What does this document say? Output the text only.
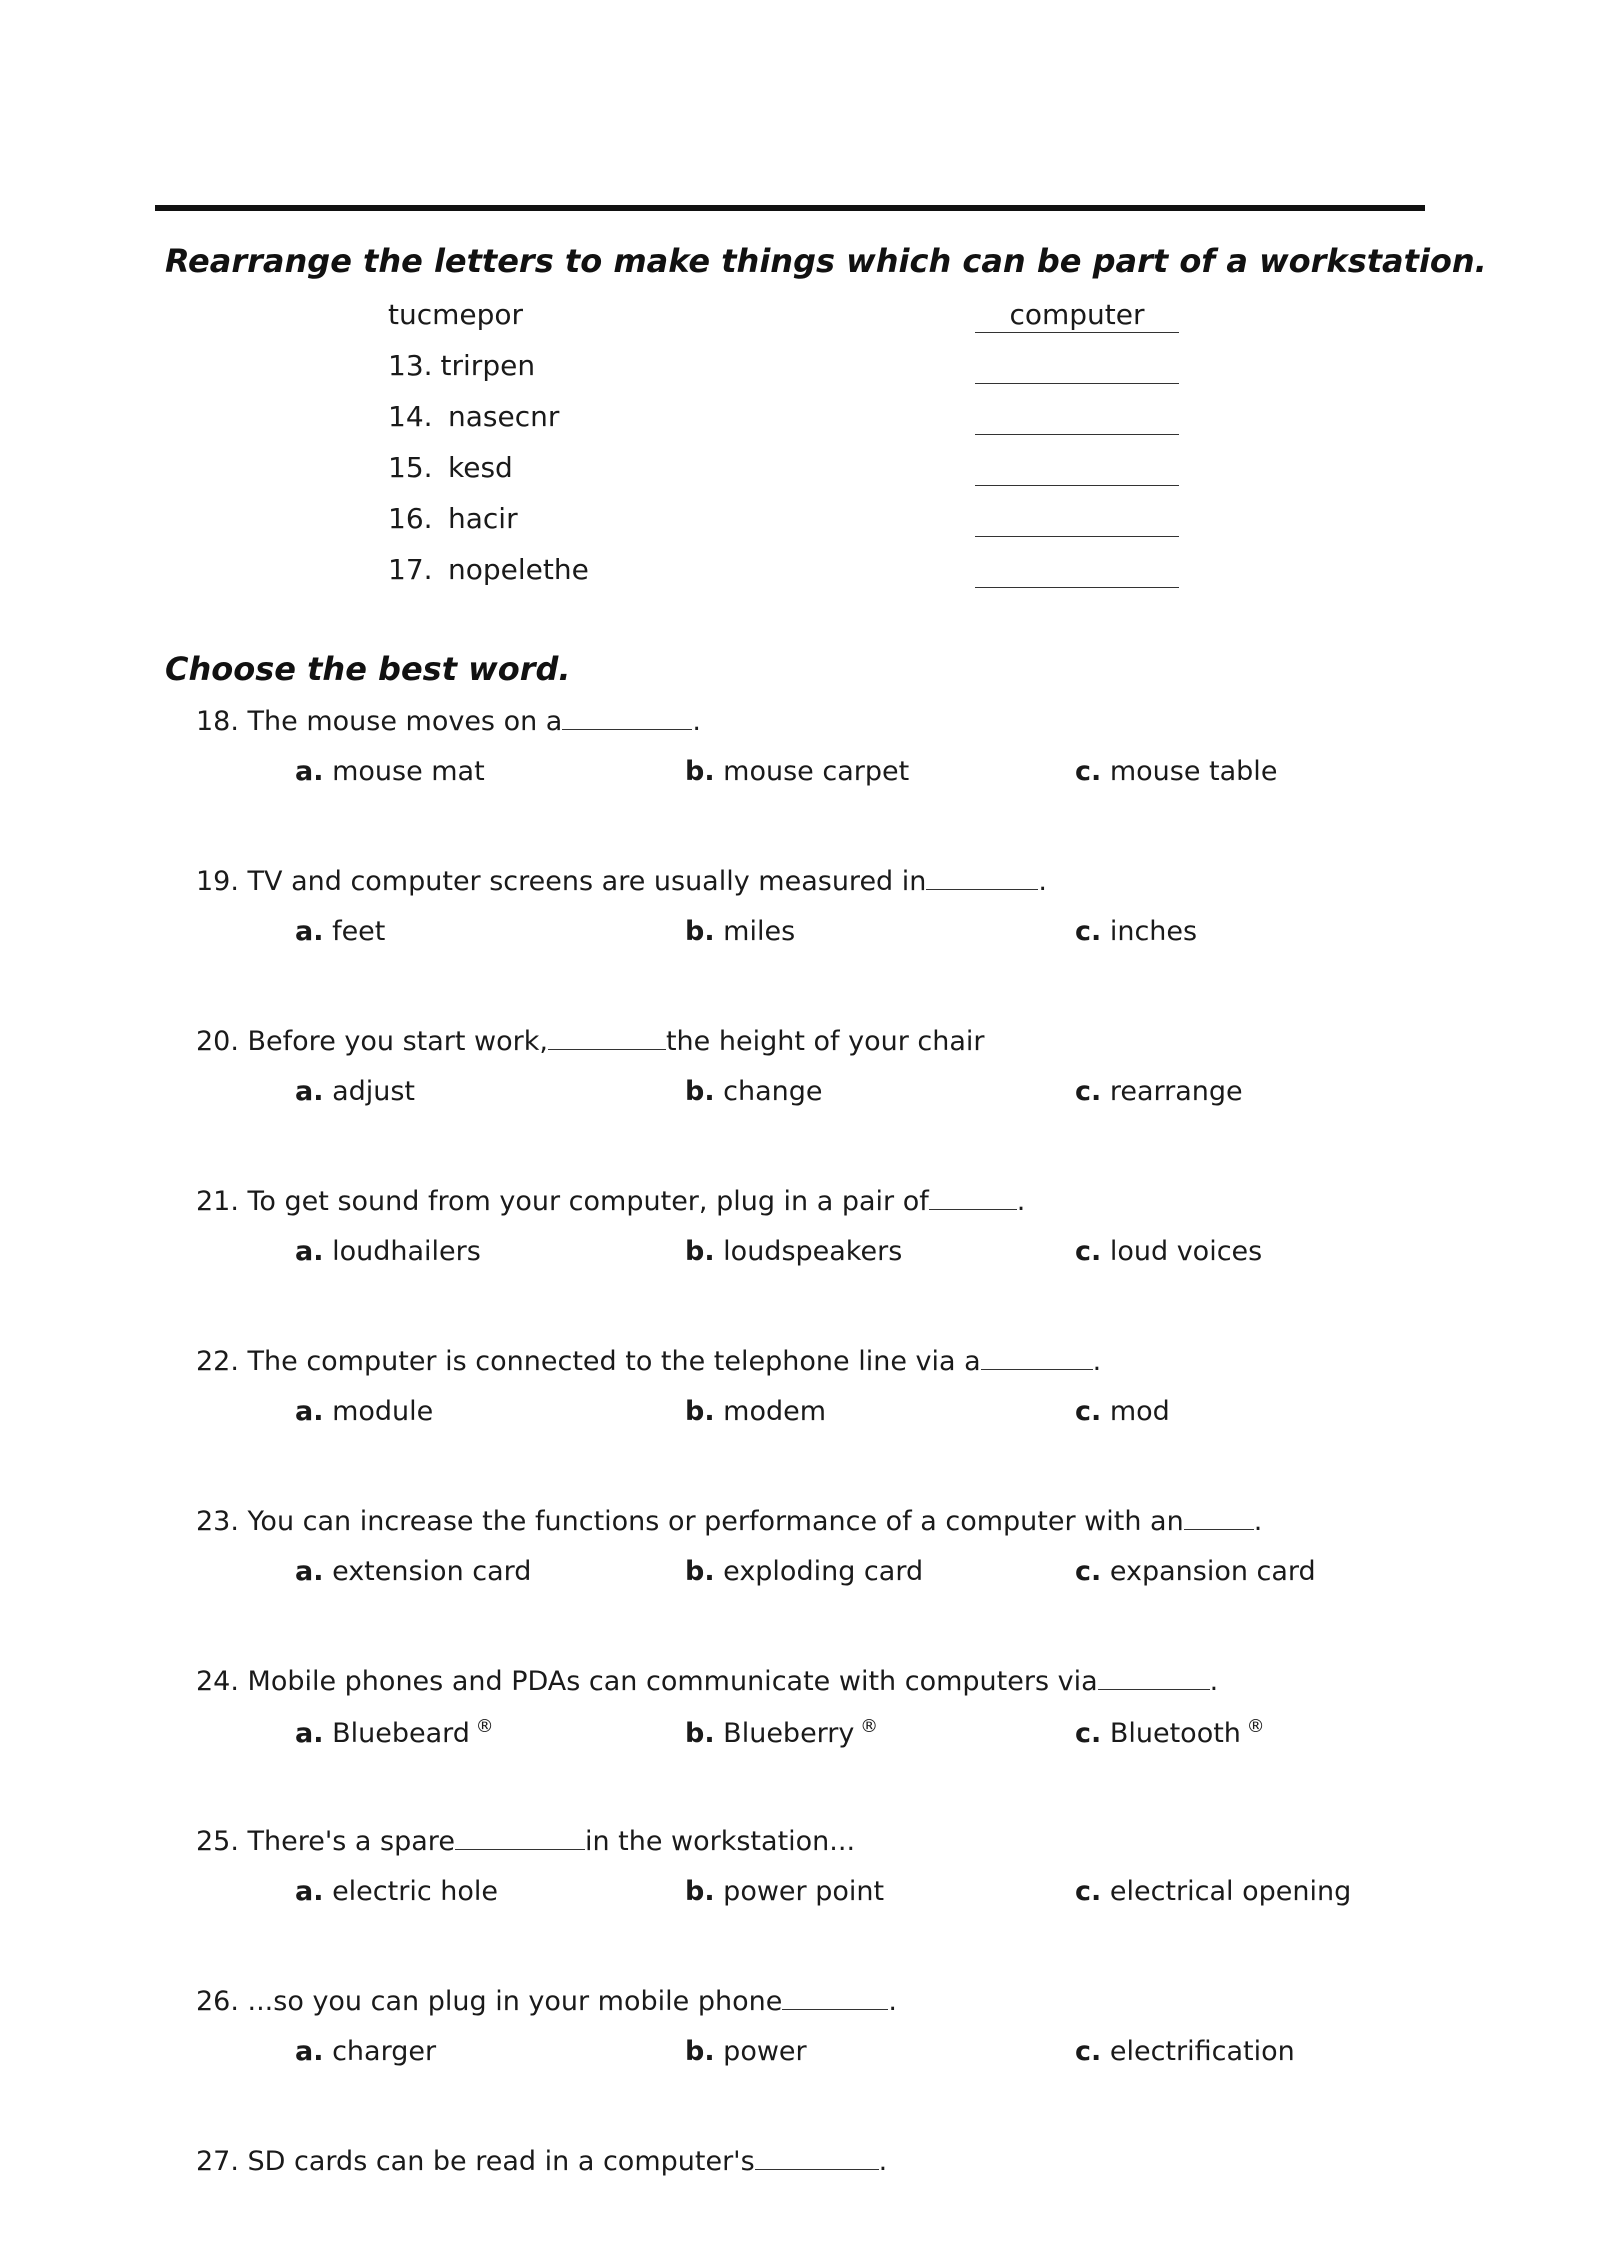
Rearrange the letters to make things which can be part of a workstation.
tucmepor	computer
13. trirpen
14. nasecnr
15. kesd
16. hacir
17. nopelethe
Choose the best word.
18. The mouse moves on a	.
a. mouse mat	b. mouse carpet	c. mouse table
19. TV and computer screens are usually measured in	.
a. feet	b. miles	c. inches
20. Before you start work,	the height of your chair
a. adjust	b. change	c. rearrange
21. To get sound from your computer, plug in a pair of	.
a. loudhailers	b. loudspeakers	c. loud voices
22. The computer is connected to the telephone line via a	.
a. module	b. modem	c. mod
23. You can increase the functions or performance of a computer with an	.
a. extension card	b. exploding card	c. expansion card
24. Mobile phones and PDAs can communicate with computers via	.
a. Bluebeard ®	b. Blueberry ®	c. Bluetooth ®
25. There's a spare	in the workstation...
a. electric hole	b. power point	c. electrical opening
26. ...so you can plug in your mobile phone	.
a. charger	b. power	c. electrification
27. SD cards can be read in a computer's	.
